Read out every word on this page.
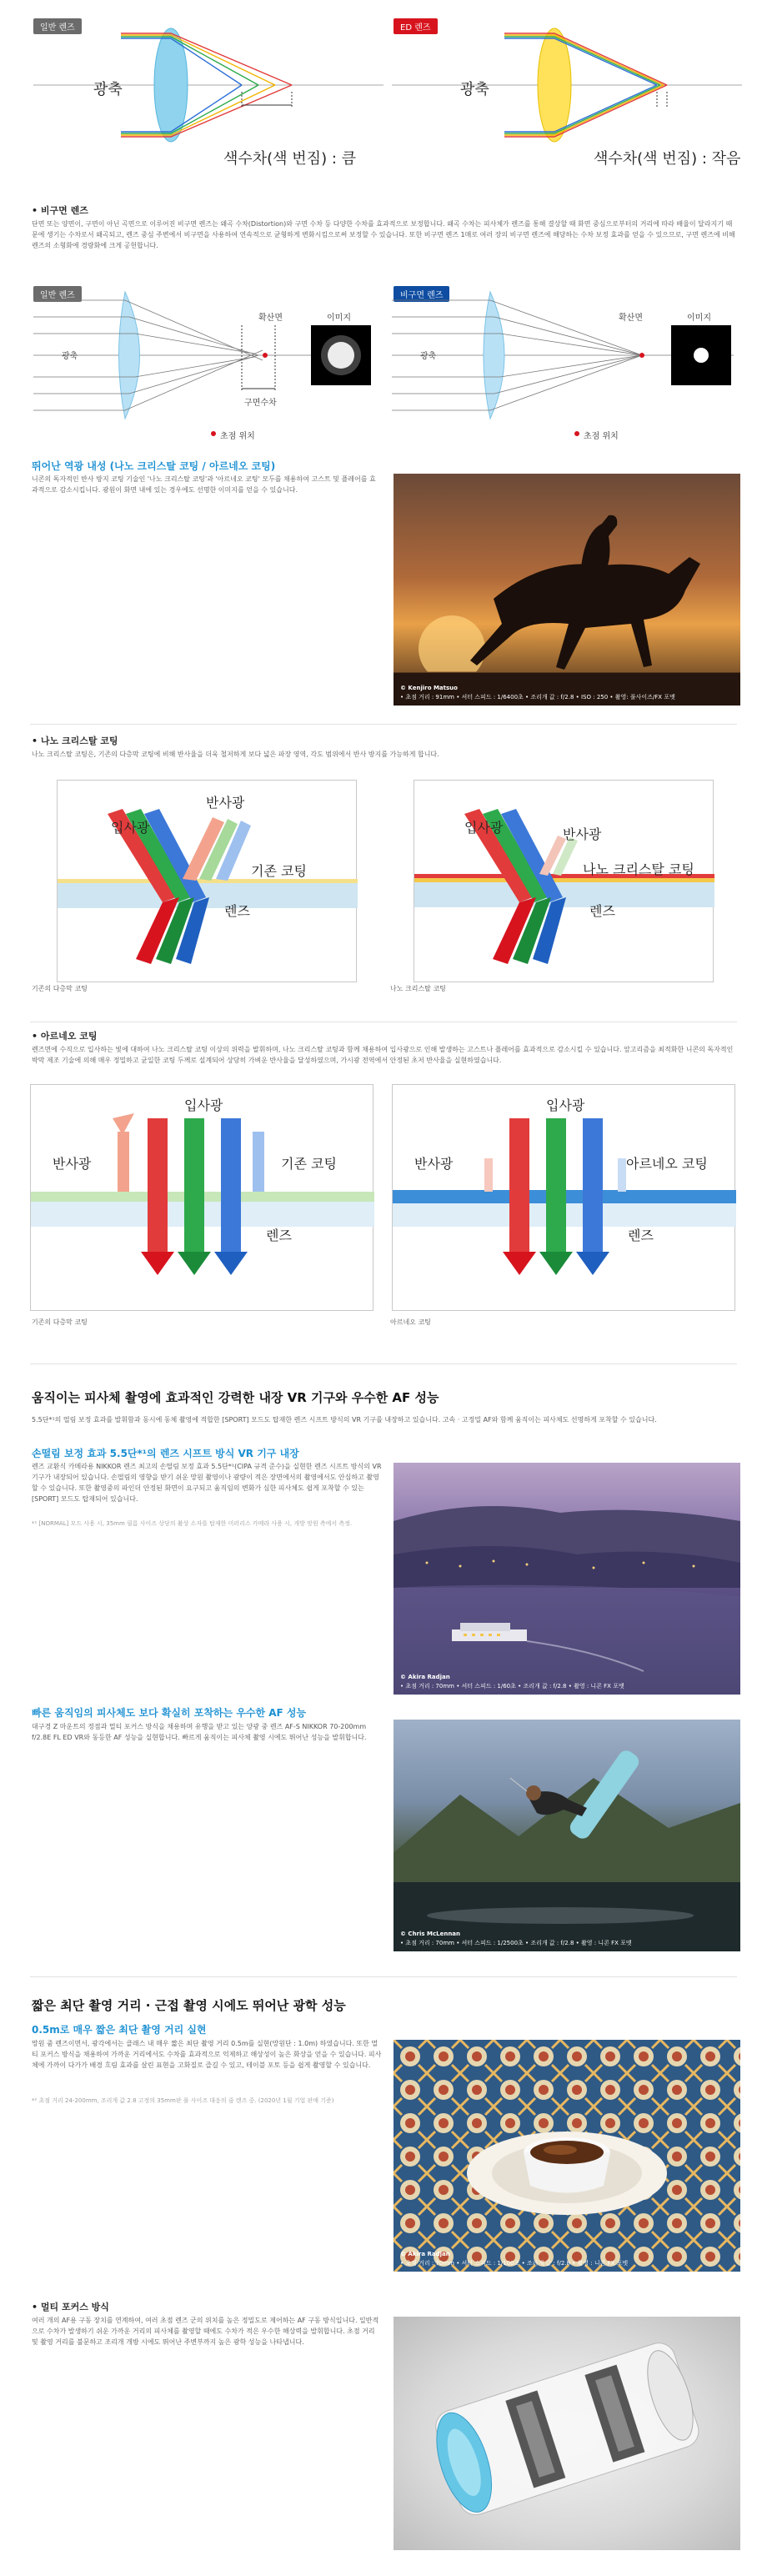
일반 렌즈	ED 렌즈
광축	광축
색수차(색 번짐) : 큼	색수차(색 번짐) : 작음
• 비구면 렌즈
단면 또는 양면이, 구면이 아닌 곡면으로 이루어진 비구면 렌즈는 왜곡 수차(Distortion)와 구면 수차 등 다양한 수차를 효과적으로 보정합니다. 왜곡 수차는 피사체가 렌즈를 통해 결상할 때 화면 중심으로부터의 거리에 따라 배율이 달라지기 때문에 생기는 수차로서 왜곡되고, 렌즈 중심 주변에서 비구면을 사용하여 연속적으로 균형하게 변화시킴으로써 보정할 수 있습니다. 또한 비구면 렌즈 1매로 여러 장의 비구면 렌즈에 해당하는 수차 보정 효과를 얻을 수 있으므로, 구면 렌즈에 비해 렌즈의 소형화에 경량화에 크게 공헌합니다.
일반 렌즈	비구면 렌즈
광축	광축
확산면	확산면
이미지	이미지
구면수차
초점 위치	초점 위치
뛰어난 역광 내성 (나노 크리스탈 코팅 / 아르네오 코팅)
니콘의 독자적인 반사 방지 코팅 기술인 '나노 크리스탈 코팅'과 '아르네오 코팅' 모두를 채용하여 고스트 및 플레어를 효과적으로 감소시킵니다. 광원이 화면 내에 있는 경우에도 선명한 이미지를 얻을 수 있습니다.
© Kenjiro Matsuo
• 초점 거리 : 91mm • 셔터 스피드 : 1/6400초 • 조리개 값 : f/2.8 • ISO : 250 • 촬영: 풀사이즈/FX 포맷
• 나노 크리스탈 코팅
나노 크리스탈 코팅은, 기존의 다층막 코팅에 비해 반사율을 더욱 철저하게 보다 넓은 파장 영역, 각도 범위에서 반사 방지를 가능하게 합니다.
입사광
반사광
기존 코팅
렌즈
입사광	반사광
나노 크리스탈 코팅
렌즈
기존의 다층막 코팅	나노 크리스탈 코팅
• 아르네오 코팅
렌즈면에 수직으로 입사하는 빛에 대하여 나노 크리스탈 코팅 이상의 위력을 발휘하며, 나노 크리스탈 코팅과 함께 채용하여 입사광으로 인해 발생하는 고스트나 플레어를 효과적으로 감소시킬 수 있습니다. 앞고리즘을 최적화한 니콘의 독자적인 박막 제조 기술에 의해 매우 정밀하고 균일한 코팅 두께로 설계되어 상당히 가벼운 반사율을 달성하였으며, 가시광 전역에서 안정된 초저 반사율을 실현하였습니다.
입사광
반사광	기존 코팅
렌즈
입사광
반사광	아르네오 코팅
렌즈
기존의 다층막 코팅	아르네오 코팅
움직이는 피사체 촬영에 효과적인 강력한 내장 VR 기구와 우수한 AF 성능
5.5단*¹의 떨림 보정 효과를 발휘함과 동시에 동체 촬영에 적합한 [SPORT] 모드도 탑재한 렌즈 시프트 방식의 VR 기구를 내장하고 있습니다. 고속 · 고정밀 AF와 함께 움직이는 피사체도 선명하게 포착할 수 있습니다.
손떨림 보정 효과 5.5단*¹의 렌즈 시프트 방식 VR 기구 내장
렌즈 교환식 카메라용 NIKKOR 렌즈 최고의 손떨림 보정 효과 5.5단*¹(CIPA 규격 준수)을 실현한 렌즈 시프트 방식의 VR 기구가 내장되어 있습니다. 손떨림의 영향을 받기 쉬운 망원 촬영이나 광량이 적은 장면에서의 촬영에서도 안심하고 촬영할 수 있습니다. 또한 촬영중의 파인더 안정된 화면이 요구되고 움직임의 변화가 심한 피사체도 쉽게 포착할 수 있는 [SPORT] 모드도 탑재되어 있습니다.
*¹ [NORMAL] 모드 사용 시, 35mm 필름 사이즈 상당의 촬상 소자를 탑재한 미러리스 카메라 사용 시, 개방 망원 측에서 측정.
© Akira Radjan
• 초점 거리 : 70mm • 셔터 스피드 : 1/60초 • 조리개 값 : f/2.8 • 촬영 : 니콘 FX 포맷
빠른 움직임의 피사체도 보다 확실히 포착하는 우수한 AF 성능
대구경 Z 마운트의 정점과 멀티 포커스 방식을 채용하며 유행을 받고 있는 양광 중 렌즈 AF-S NIKKOR 70-200mm f/2.8E FL ED VR와 동등한 AF 성능을 실현합니다. 빠르게 움직이는 피사체 촬영 시에도 뛰어난 성능을 발휘합니다.
© Chris McLennan
• 초점 거리 : 70mm • 셔터 스피드 : 1/2500초 • 조리개 값 : f/2.8 • 촬영 : 니콘 FX 포맷
짧은 최단 촬영 거리 · 근접 촬영 시에도 뛰어난 광학 성능
0.5m로 매우 짧은 최단 촬영 거리 실현
망원 줌 렌즈이면서, 광각에서는 클래스 내 매우 짧은 최단 촬영 거리 0.5m를 실현(망원단 : 1.0m) 하였습니다. 또한 멀티 포커스 방식을 채용하여 가까운 거리에서도 수차를 효과적으로 억제하고 해상성이 높은 화상을 얻을 수 있습니다. 피사체에 가까이 다가가 배경 흐림 효과를 살린 표현을 고화질로 즐길 수 있고, 테이블 포토 등을 쉽게 촬영할 수 있습니다.
*² 초점 거리 24-200mm, 조리개 값 2.8 고정의 35mm판 풀 사이즈 대응의 줌 렌즈 중. (2020년 1월 기업 판매 기준)
© Akira Radjan
• 초점 거리 : 70mm • 셔터 스피드 : 1/100초 • 조리개 값 : f/2.8 • 촬영 : 니콘 FX 포맷
• 멀티 포커스 방식
여러 개의 AF용 구동 장치를 연계하여, 여러 초점 렌즈 군의 위치를 높은 정밀도로 제어하는 AF 구동 방식입니다. 일반적으로 수차가 발생하기 쉬운 가까운 거리의 피사체를 촬영할 때에도 수차가 적은 우수한 해상력을 발휘합니다. 초점 거리 및 촬영 거리를 불문하고 조리개 개방 시에도 뛰어난 주변부까지 높은 광학 성능을 나타냅니다.
